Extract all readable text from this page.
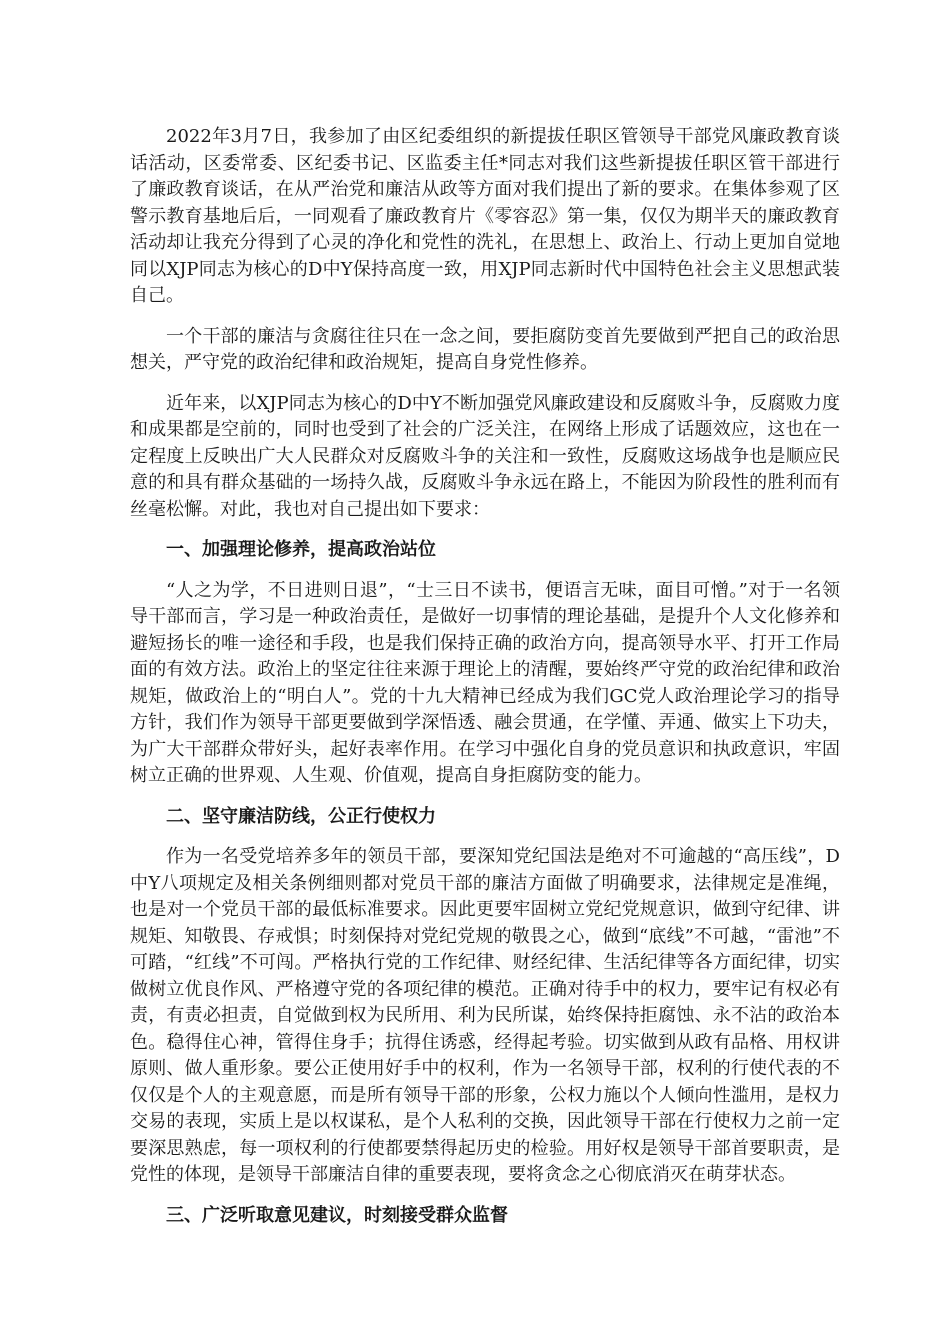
2022年3月7日，我参加了由区纪委组织的新提拔任职区管领导干部党风廉政教育谈话活动，区委常委、区纪委书记、区监委主任*同志对我们这些新提拔任职区管干部进行了廉政教育谈话，在从严治党和廉洁从政等方面对我们提出了新的要求。在集体参观了区警示教育基地后后，一同观看了廉政教育片《零容忍》第一集，仅仅为期半天的廉政教育活动却让我充分得到了心灵的净化和党性的洗礼，在思想上、政治上、行动上更加自觉地同以XJP同志为核心的D中Y保持高度一致，用XJP同志新时代中国特色社会主义思想武装自己。

一个干部的廉洁与贪腐往往只在一念之间，要拒腐防变首先要做到严把自己的政治思想关，严守党的政治纪律和政治规矩，提高自身党性修养。

近年来，以XJP同志为核心的D中Y不断加强党风廉政建设和反腐败斗争，反腐败力度和成果都是空前的，同时也受到了社会的广泛关注，在网络上形成了话题效应，这也在一定程度上反映出广大人民群众对反腐败斗争的关注和一致性，反腐败这场战争也是顺应民意的和具有群众基础的一场持久战，反腐败斗争永远在路上，不能因为阶段性的胜利而有丝毫松懈。对此，我也对自己提出如下要求：

一、加强理论修养，提高政治站位

“人之为学，不日进则日退”，“士三日不读书，便语言无味，面目可憎。”对于一名领导干部而言，学习是一种政治责任，是做好一切事情的理论基础，是提升个人文化修养和避短扬长的唯一途径和手段，也是我们保持正确的政治方向，提高领导水平、打开工作局面的有效方法。政治上的坚定往往来源于理论上的清醒，要始终严守党的政治纪律和政治规矩，做政治上的“明白人”。党的十九大精神已经成为我们GC党人政治理论学习的指导方针，我们作为领导干部更要做到学深悟透、融会贯通，在学懂、弄通、做实上下功夫，为广大干部群众带好头，起好表率作用。在学习中强化自身的党员意识和执政意识，牢固树立正确的世界观、人生观、价值观，提高自身拒腐防变的能力。

二、坚守廉洁防线，公正行使权力

作为一名受党培养多年的领员干部，要深知党纪国法是绝对不可逾越的“高压线”，D中Y八项规定及相关条例细则都对党员干部的廉洁方面做了明确要求，法律规定是准绳，也是对一个党员干部的最低标准要求。因此更要牢固树立党纪党规意识，做到守纪律、讲规矩、知敬畏、存戒惧；时刻保持对党纪党规的敬畏之心，做到“底线”不可越，“雷池”不可踏，“红线”不可闯。严格执行党的工作纪律、财经纪律、生活纪律等各方面纪律，切实做树立优良作风、严格遵守党的各项纪律的模范。正确对待手中的权力，要牢记有权必有责，有责必担责，自觉做到权为民所用、利为民所谋，始终保持拒腐蚀、永不沾的政治本色。稳得住心神，管得住身手；抗得住诱惑，经得起考验。切实做到从政有品格、用权讲原则、做人重形象。要公正使用好手中的权利，作为一名领导干部，权利的行使代表的不仅仅是个人的主观意愿，而是所有领导干部的形象，公权力施以个人倾向性滥用，是权力交易的表现，实质上是以权谋私，是个人私利的交换，因此领导干部在行使权力之前一定要深思熟虑，每一项权利的行使都要禁得起历史的检验。用好权是领导干部首要职责，是党性的体现，是领导干部廉洁自律的重要表现，要将贪念之心彻底消灭在萌芽状态。

三、广泛听取意见建议，时刻接受群众监督
